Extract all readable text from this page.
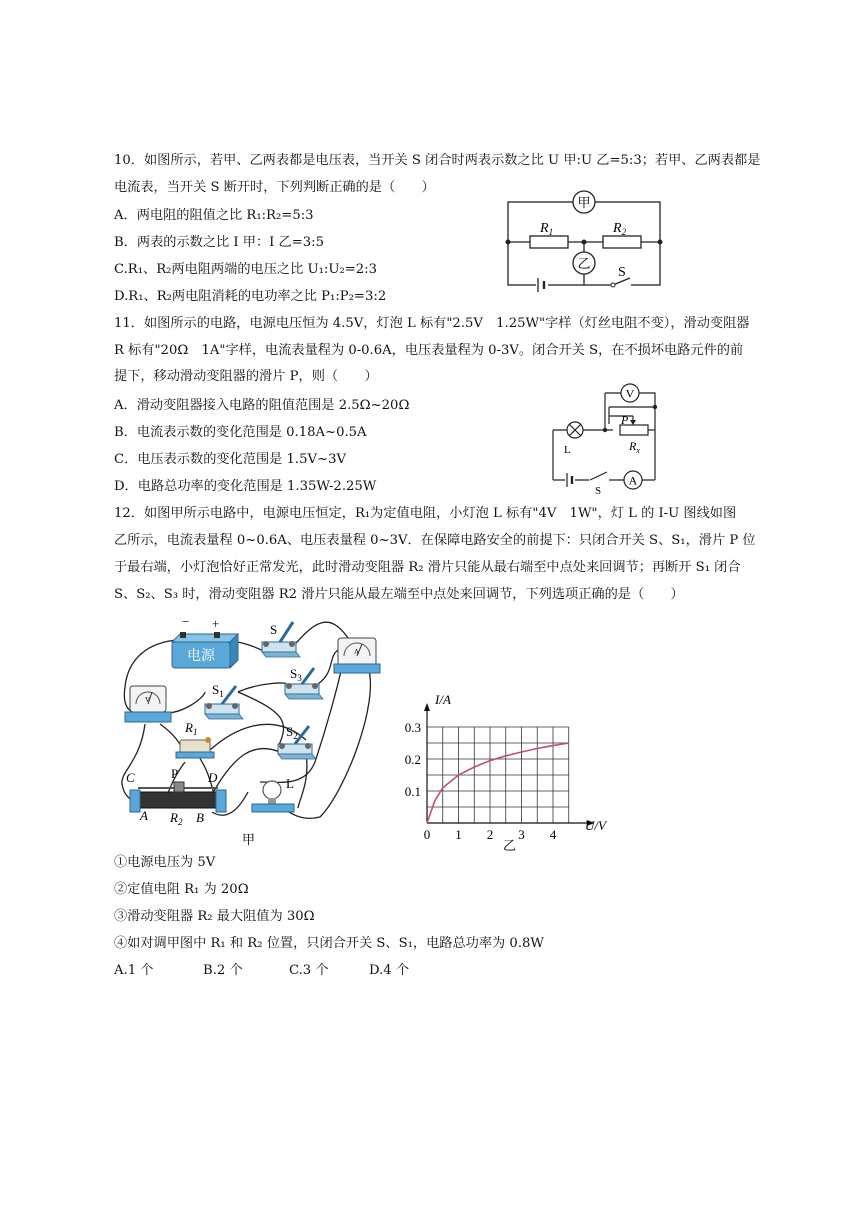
10．如图所示，若甲、乙两表都是电压表，当开关 S 闭合时两表示数之比 U 甲:U 乙=5:3；若甲、乙两表都是
电流表，当开关 S 断开时，下列判断正确的是（　　）
A．两电阻的阻值之比 R₁:R₂=5:3
B．两表的示数之比 I 甲：I 乙=3:5
C.R₁、R₂两电阻两端的电压之比 U₁:U₂=2:3
D.R₁、R₂两电阻消耗的电功率之比 P₁:P₂=3:2
甲
$R_1$	$R_2$
乙
S
11．如图所示的电路，电源电压恒为 4.5V，灯泡 L 标有"2.5V　1.25W"字样（灯丝电阻不变），滑动变阻器
R 标有"20Ω　1A"字样，电流表量程为 0-0.6A，电压表量程为 0-3V。闭合开关 S，在不损坏电路元件的前
提下，移动滑动变阻器的滑片 P，则（　　）
A．滑动变阻器接入电路的阻值范围是 2.5Ω~20Ω
B．电流表示数的变化范围是 0.18A~0.5A
C．电压表示数的变化范围是 1.5V~3V
D．电路总功率的变化范围是 1.35W-2.25W
V
L
P
$R_x$
S
A
12．如图甲所示电路中，电源电压恒定，R₁为定值电阻，小灯泡 L 标有"4V　1W"，灯 L 的 I-U 图线如图
乙所示，电流表量程 0~0.6A、电压表量程 0~3V．在保障电路安全的前提下：只闭合开关 S、S₁，滑片 P 位
于最右端，小灯泡恰好正常发光，此时滑动变阻器 R₂ 滑片只能从最右端至中点处来回调节；再断开 S₁ 闭合
S、S₂、S₃ 时，滑动变阻器 R2 滑片只能从最左端至中点处来回调节，下列选项正确的是（　　）
− +
电源
S
A
V
$S_1$
$S_3$
$R_1$	$S_2$
C	P D
A $R_2$ B
L
甲	0 1 2 3 4
0.1
0.2
0.3
I/A
U/V
乙
①电源电压为 5V
②定值电阻 R₁ 为 20Ω
③滑动变阻器 R₂ 最大阻值为 30Ω
④如对调甲图中 R₁ 和 R₂ 位置，只闭合开关 S、S₁，电路总功率为 0.8W
A.1 个	B.2 个	C.3 个	D.4 个
